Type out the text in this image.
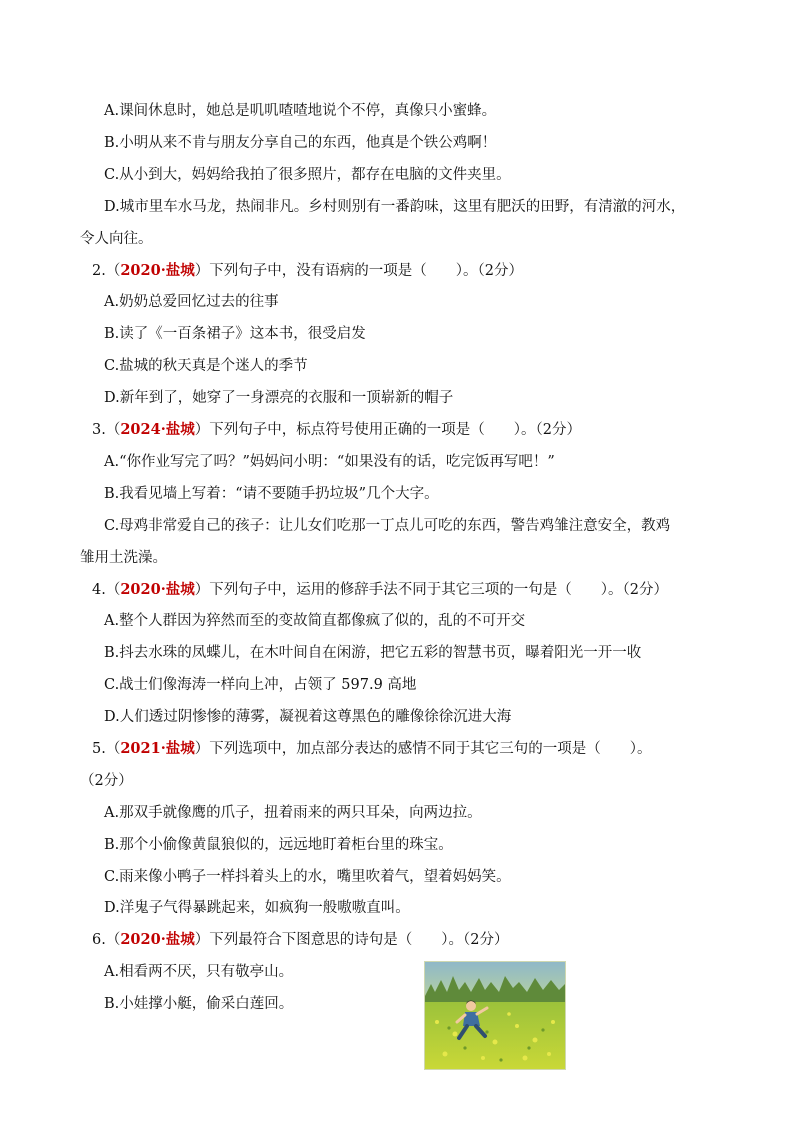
A.课间休息时，她总是叽叽喳喳地说个不停，真像只小蜜蜂。
B.小明从来不肯与朋友分享自己的东西，他真是个铁公鸡啊！
C.从小到大，妈妈给我拍了很多照片，都存在电脑的文件夹里。
D.城市里车水马龙，热闹非凡。乡村则别有一番韵味，这里有肥沃的田野，有清澈的河水，
令人向往。
2.（2020·盐城）下列句子中，没有语病的一项是（　　）。（2分）
A.奶奶总爱回忆过去的往事
B.读了《一百条裙子》这本书，很受启发
C.盐城的秋天真是个迷人的季节
D.新年到了，她穿了一身漂亮的衣服和一顶崭新的帽子
3.（2024·盐城）下列句子中，标点符号使用正确的一项是（　　）。（2分）
A.“你作业写完了吗？”妈妈问小明：“如果没有的话，吃完饭再写吧！”
B.我看见墙上写着：“请不要随手扔垃圾”几个大字。
C.母鸡非常爱自己的孩子：让儿女们吃那一丁点儿可吃的东西，警告鸡雏注意安全，教鸡
雏用土洗澡。
4.（2020·盐城）下列句子中，运用的修辞手法不同于其它三项的一句是（　　）。（2分）
A.整个人群因为猝然而至的变故简直都像疯了似的，乱的不可开交
B.抖去水珠的凤蝶儿，在木叶间自在闲游，把它五彩的智慧书页，曝着阳光一开一收
C.战士们像海涛一样向上冲，占领了 597.9 高地
D.人们透过阴惨惨的薄雾，凝视着这尊黑色的雕像徐徐沉进大海
5.（2021·盐城）下列选项中，加点部分表达的感情不同于其它三句的一项是（　　）。
（2分）
A.那双手就像鹰的爪子，扭着雨来的两只耳朵，向两边拉。
B.那个小偷像黄鼠狼似的，远远地盯着柜台里的珠宝。
C.雨来像小鸭子一样抖着头上的水，嘴里吹着气，望着妈妈笑。
D.洋鬼子气得暴跳起来，如疯狗一般嗷嗷直叫。
6.（2020·盐城）下列最符合下图意思的诗句是（　　）。（2分）
A.相看两不厌，只有敬亭山。
B.小娃撑小艇，偷采白莲回。
